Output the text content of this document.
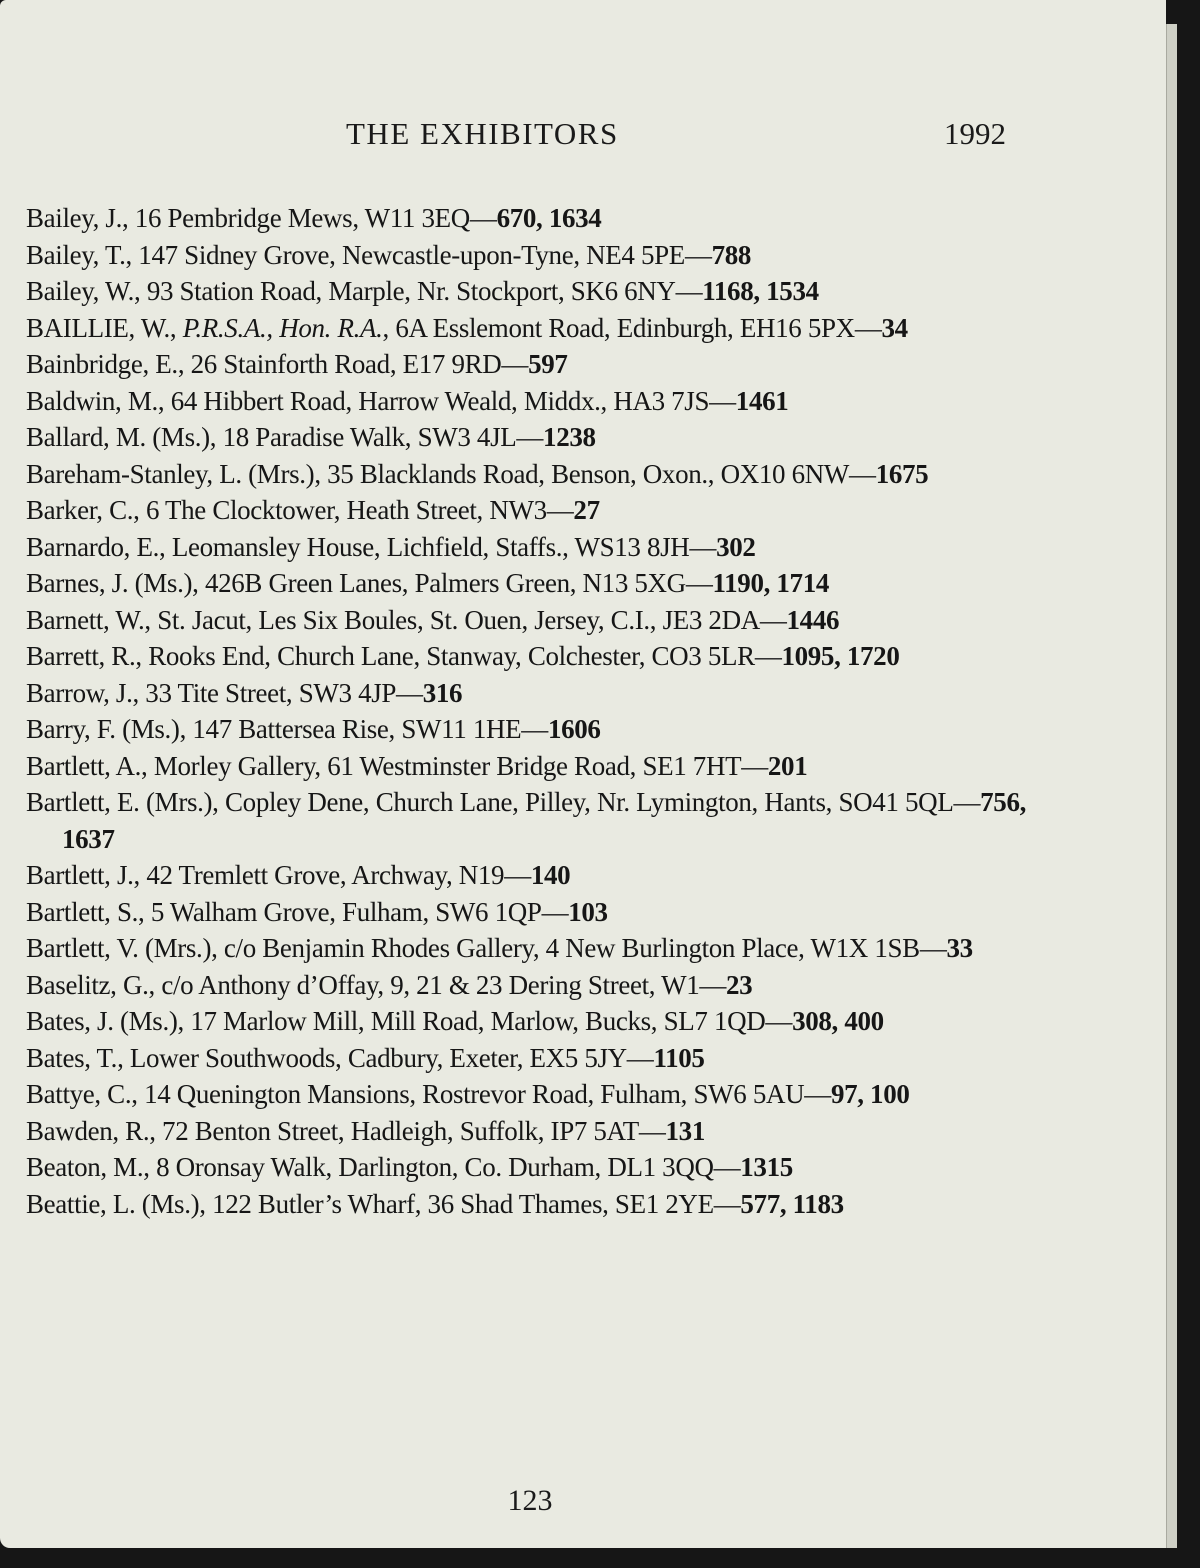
THE EXHIBITORS	1992
Bailey, J., 16 Pembridge Mews, W11 3EQ—670, 1634
Bailey, T., 147 Sidney Grove, Newcastle-upon-Tyne, NE4 5PE—788
Bailey, W., 93 Station Road, Marple, Nr. Stockport, SK6 6NY—1168, 1534
BAILLIE, W., P.R.S.A., Hon. R.A., 6A Esslemont Road, Edinburgh, EH16 5PX—34
Bainbridge, E., 26 Stainforth Road, E17 9RD—597
Baldwin, M., 64 Hibbert Road, Harrow Weald, Middx., HA3 7JS—1461
Ballard, M. (Ms.), 18 Paradise Walk, SW3 4JL—1238
Bareham-Stanley, L. (Mrs.), 35 Blacklands Road, Benson, Oxon., OX10 6NW—1675
Barker, C., 6 The Clocktower, Heath Street, NW3—27
Barnardo, E., Leomansley House, Lichfield, Staffs., WS13 8JH—302
Barnes, J. (Ms.), 426B Green Lanes, Palmers Green, N13 5XG—1190, 1714
Barnett, W., St. Jacut, Les Six Boules, St. Ouen, Jersey, C.I., JE3 2DA—1446
Barrett, R., Rooks End, Church Lane, Stanway, Colchester, CO3 5LR—1095, 1720
Barrow, J., 33 Tite Street, SW3 4JP—316
Barry, F. (Ms.), 147 Battersea Rise, SW11 1HE—1606
Bartlett, A., Morley Gallery, 61 Westminster Bridge Road, SE1 7HT—201
Bartlett, E. (Mrs.), Copley Dene, Church Lane, Pilley, Nr. Lymington, Hants, SO41 5QL—756, 1637
Bartlett, J., 42 Tremlett Grove, Archway, N19—140
Bartlett, S., 5 Walham Grove, Fulham, SW6 1QP—103
Bartlett, V. (Mrs.), c/o Benjamin Rhodes Gallery, 4 New Burlington Place, W1X 1SB—33
Baselitz, G., c/o Anthony d’Offay, 9, 21 & 23 Dering Street, W1—23
Bates, J. (Ms.), 17 Marlow Mill, Mill Road, Marlow, Bucks, SL7 1QD—308, 400
Bates, T., Lower Southwoods, Cadbury, Exeter, EX5 5JY—1105
Battye, C., 14 Quenington Mansions, Rostrevor Road, Fulham, SW6 5AU—97, 100
Bawden, R., 72 Benton Street, Hadleigh, Suffolk, IP7 5AT—131
Beaton, M., 8 Oronsay Walk, Darlington, Co. Durham, DL1 3QQ—1315
Beattie, L. (Ms.), 122 Butler’s Wharf, 36 Shad Thames, SE1 2YE—577, 1183
123
